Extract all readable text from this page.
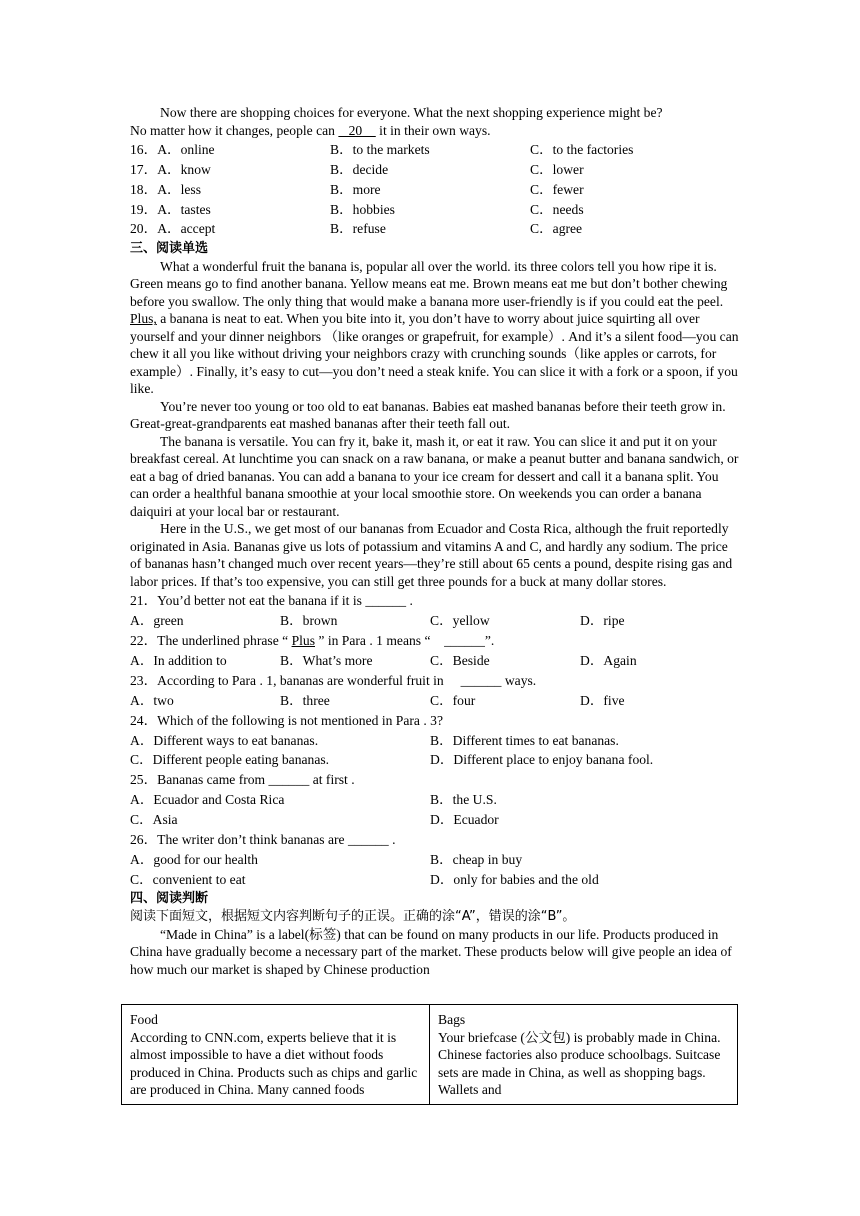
Now there are shopping choices for everyone. What the next shopping experience might be?

No matter how it changes, people can    20     it in their own ways.

16．A．online	B．to the markets	C．to the factories
17．A．know	B．decide	C．lower
18．A．less	B．more	C．fewer
19．A．tastes	B．hobbies	C．needs
20．A．accept	B．refuse	C．agree
三、阅读单选

What a wonderful fruit the banana is, popular all over the world. its three colors tell you how ripe it is. Green means go to find another banana. Yellow means eat me. Brown means eat me but don’t bother chewing before you swallow. The only thing that would make a banana more user-friendly is if you could eat the peel. Plus, a banana is neat to eat. When you bite into it, you don’t have to worry about juice squirting all over yourself and your dinner neighbors （like oranges or grapefruit, for example）. And it’s a silent food—you can chew it all you like without driving your neighbors crazy with crunching sounds（like apples or carrots, for example）. Finally, it’s easy to cut—you don’t need a steak knife. You can slice it with a fork or a spoon, if you like.

You’re never too young or too old to eat bananas. Babies eat mashed bananas before their teeth grow in. Great-great-grandparents eat mashed bananas after their teeth fall out.

The banana is versatile. You can fry it, bake it, mash it, or eat it raw. You can slice it and put it on your breakfast cereal. At lunchtime you can snack on a raw banana, or make a peanut butter and banana sandwich, or eat a bag of dried bananas. You can add a banana to your ice cream for dessert and call it a banana split. You can order a healthful banana smoothie at your local smoothie store. On weekends you can order a banana daiquiri at your local bar or restaurant.

Here in the U.S., we get most of our bananas from Ecuador and Costa Rica, although the fruit reportedly originated in Asia. Bananas give us lots of potassium and vitamins A and C, and hardly any sodium. The price of bananas hasn’t changed much over recent years—they’re still about 65 cents a pound, despite rising gas and labor prices. If that’s too expensive, you can still get three pounds for a buck at many dollar stores.

21．You’d better not eat the banana if it is ______ .
A．green	B．brown	C．yellow	D．ripe
22．The underlined phrase “ Plus ” in Para . 1 means “    ______”.
A．In addition to	B．What’s more	C．Beside	D．Again
23．According to Para . 1, bananas are wonderful fruit in     ______ ways.
A．two	B．three	C．four	D．five
24．Which of the following is not mentioned in Para . 3?
A．Different ways to eat bananas.	B．Different times to eat bananas.
C．Different people eating bananas.	D．Different place to enjoy banana fool.
25．Bananas came from ______ at first .
A．Ecuador and Costa Rica	B．the U.S.
C．Asia	D．Ecuador
26．The writer don’t think bananas are ______ .
A．good for our health	B．cheap in buy
C．convenient to eat	D．only for babies and the old
四、阅读判断

阅读下面短文，根据短文内容判断句子的正误。正确的涂“A”，错误的涂“B”。

“Made in China” is a label(标签) that can be found on many products in our life. Products produced in China have gradually become a necessary part of the market. These products below will give people an idea of how much our market is shaped by Chinese production

Food
According to CNN.com, experts believe that it is almost impossible to have a diet without foods produced in China. Products such as chips and garlic are produced in China. Many canned foods
Bags
Your briefcase (公文包) is probably made in China. Chinese factories also produce schoolbags. Suitcase sets are made in China, as well as shopping bags. Wallets and
